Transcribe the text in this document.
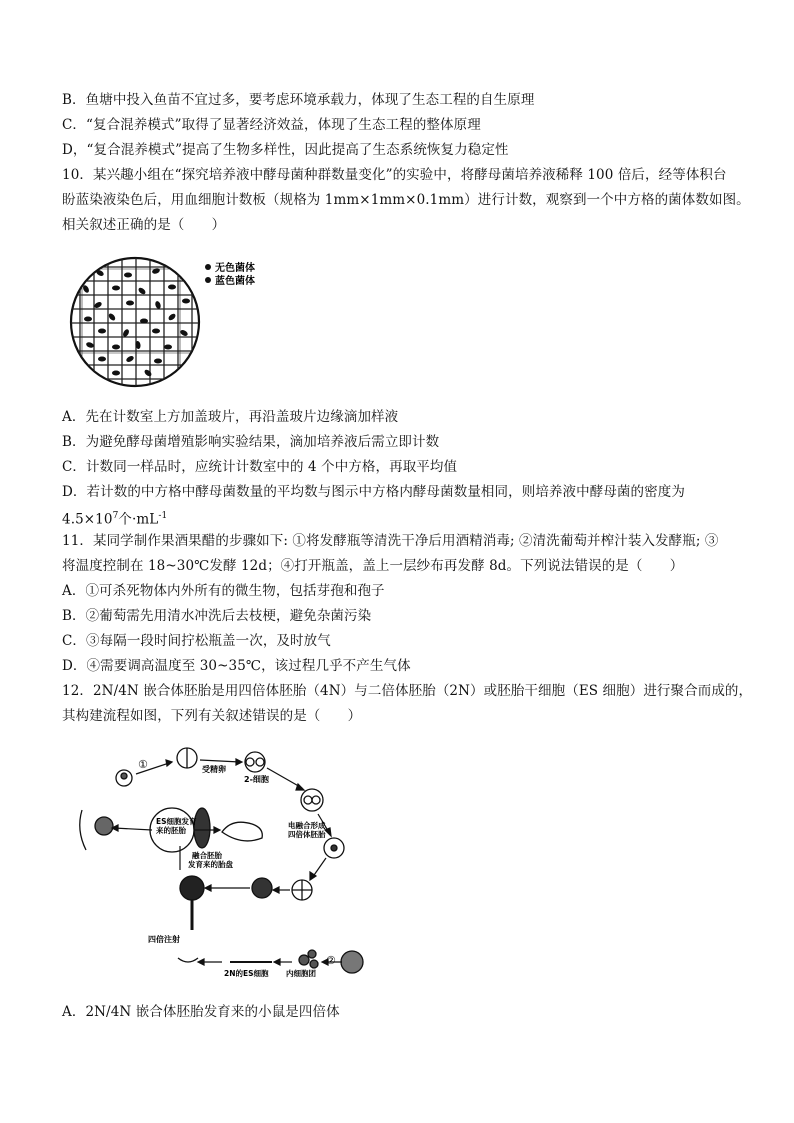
B．鱼塘中投入鱼苗不宜过多，要考虑环境承载力，体现了生态工程的自生原理
C．“复合混养模式”取得了显著经济效益，体现了生态工程的整体原理
D，“复合混养模式”提高了生物多样性，因此提高了生态系统恢复力稳定性
10．某兴趣小组在“探究培养液中酵母菌种群数量变化”的实验中，将酵母菌培养液稀释 100 倍后，经等体积台
盼蓝染液染色后，用血细胞计数板（规格为 1mm×1mm×0.1mm）进行计数，观察到一个中方格的菌体数如图。
相关叙述正确的是（　　）
无色菌体
蓝色菌体
A．先在计数室上方加盖玻片，再沿盖玻片边缘滴加样液
B．为避免酵母菌增殖影响实验结果，滴加培养液后需立即计数
C．计数同一样品时，应统计计数室中的 4 个中方格，再取平均值
D．若计数的中方格中酵母菌数量的平均数与图示中方格内酵母菌数量相同，则培养液中酵母菌的密度为
$4.5\times 10^7$个$\cdot mL^{-1}$
11．某同学制作果酒果醋的步骤如下: ①将发酵瓶等清洗干净后用酒精消毒; ②清洗葡萄并榨汁装入发酵瓶; ③
将温度控制在 18~30℃发酵 12d；④打开瓶盖，盖上一层纱布再发酵 8d。下列说法错误的是（　　）
A．①可杀死物体内外所有的微生物，包括芽孢和孢子
B．②葡萄需先用清水冲洗后去枝梗，避免杂菌污染
C．③每隔一段时间拧松瓶盖一次，及时放气
D．④需要调高温度至 30~35℃，该过程几乎不产生气体
12．2N/4N 嵌合体胚胎是用四倍体胚胎（4N）与二倍体胚胎（2N）或胚胎干细胞（ES 细胞）进行聚合而成的，
其构建流程如图，下列有关叙述错误的是（　　）
①
②
受精卵
2-细胞
电融合形成
四倍体胚胎
ES细胞发育
来的胚胎
融合胚胎
发育来的胎盘
四倍注射
2N的ES细胞 内细胞团
A．2N/4N 嵌合体胚胎发育来的小鼠是四倍体
